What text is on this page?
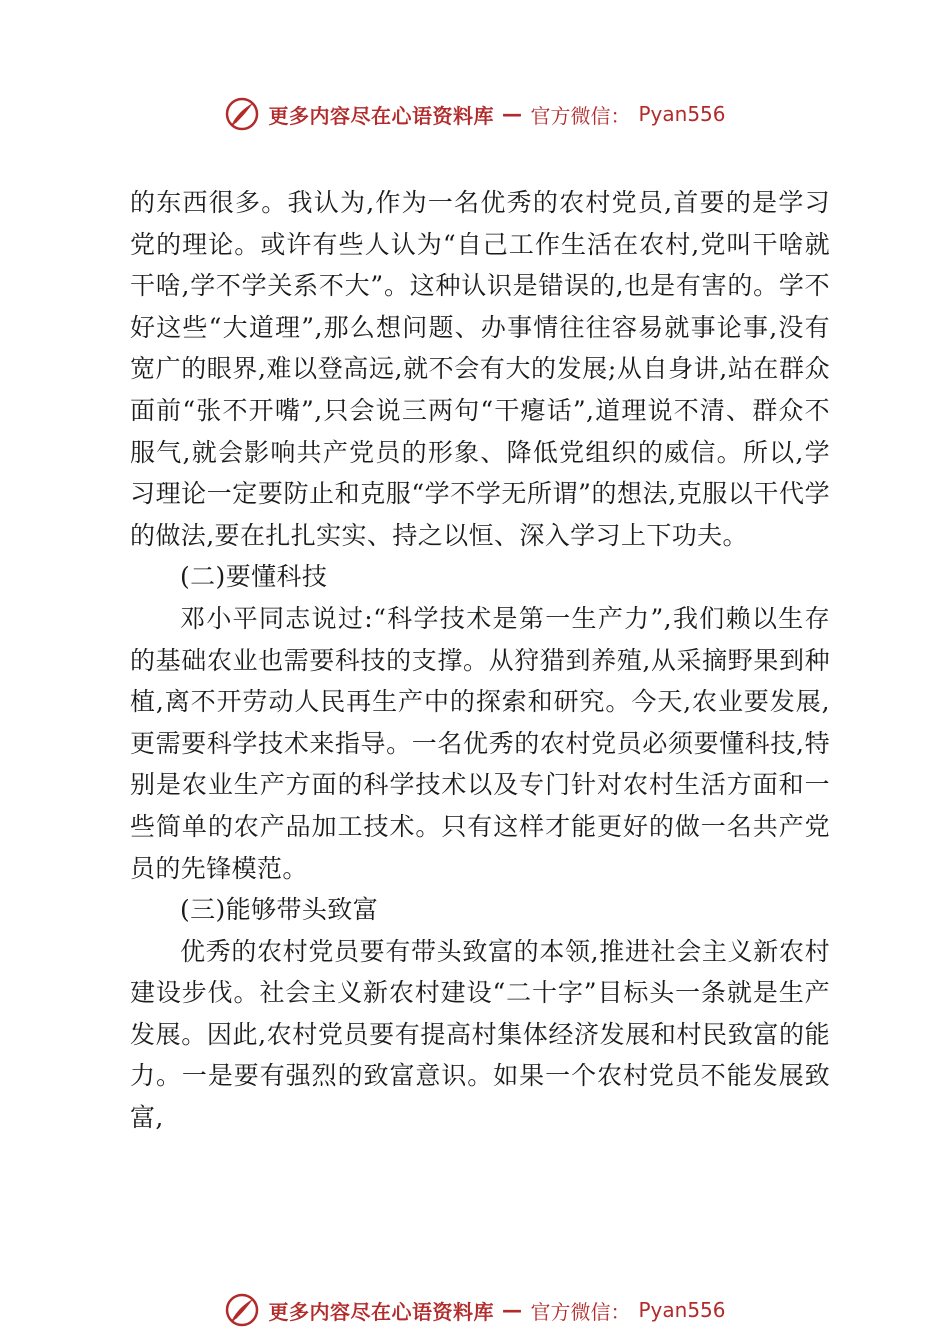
更多内容尽在心语资料库 — 官方微信： Pyan556

的东西很多。我认为,作为一名优秀的农村党员,首要的是学习党的理论。或许有些人认为“自己工作生活在农村,党叫干啥就干啥,学不学关系不大”。这种认识是错误的,也是有害的。学不好这些“大道理”,那么想问题、办事情往往容易就事论事,没有宽广的眼界,难以登高远,就不会有大的发展;从自身讲,站在群众面前“张不开嘴”,只会说三两句“干瘪话”,道理说不清、群众不服气,就会影响共产党员的形象、降低党组织的威信。所以,学习理论一定要防止和克服“学不学无所谓”的想法,克服以干代学的做法,要在扎扎实实、持之以恒、深入学习上下功夫。

(二)要懂科技

邓小平同志说过:“科学技术是第一生产力”,我们赖以生存的基础农业也需要科技的支撑。从狩猎到养殖,从采摘野果到种植,离不开劳动人民再生产中的探索和研究。今天,农业要发展,更需要科学技术来指导。一名优秀的农村党员必须要懂科技,特别是农业生产方面的科学技术以及专门针对农村生活方面和一些简单的农产品加工技术。只有这样才能更好的做一名共产党员的先锋模范。

(三)能够带头致富

优秀的农村党员要有带头致富的本领,推进社会主义新农村建设步伐。社会主义新农村建设“二十字”目标头一条就是生产发展。因此,农村党员要有提高村集体经济发展和村民致富的能力。一是要有强烈的致富意识。如果一个农村党员不能发展致富,

更多内容尽在心语资料库 — 官方微信： Pyan556
